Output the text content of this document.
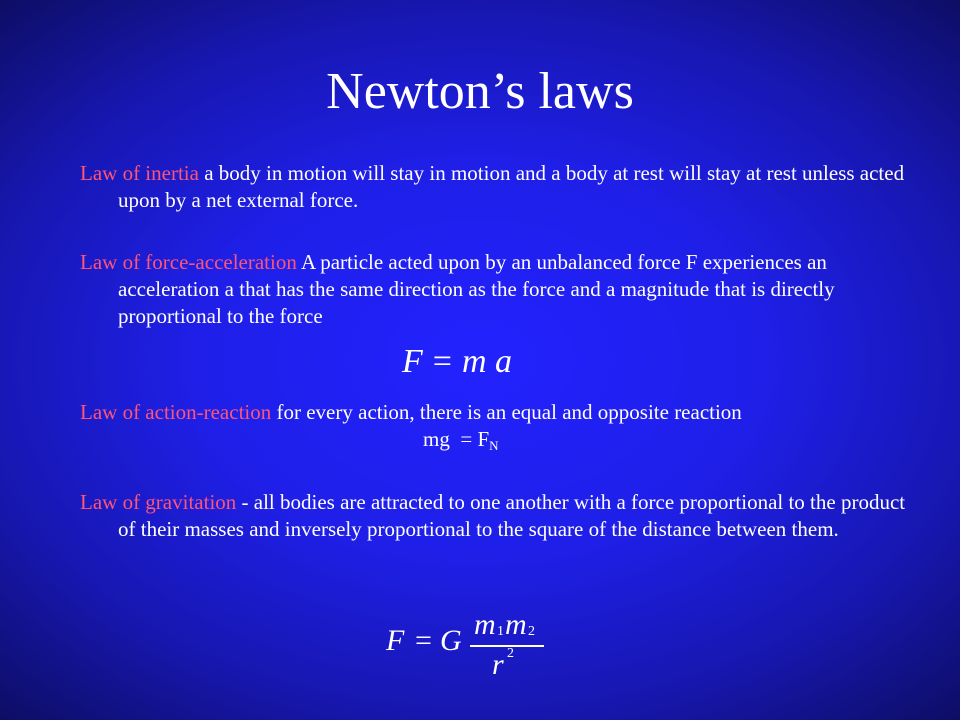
Newton’s laws
Law of inertia a body in motion will stay in motion and a body at rest will stay at rest unless acted upon by a net external force.
Law of force-acceleration A particle acted upon by an unbalanced force F experiences an acceleration a that has the same direction as the force and a magnitude that is directly proportional to the force
F = m a
Law of action-reaction for every action, there is an equal and opposite reaction
mg = $F_N$
Law of gravitation - all bodies are attracted to one another with a force proportional to the product of their masses and inversely proportional to the square of the distance between them.
F = G m 1 m 2
r 2
